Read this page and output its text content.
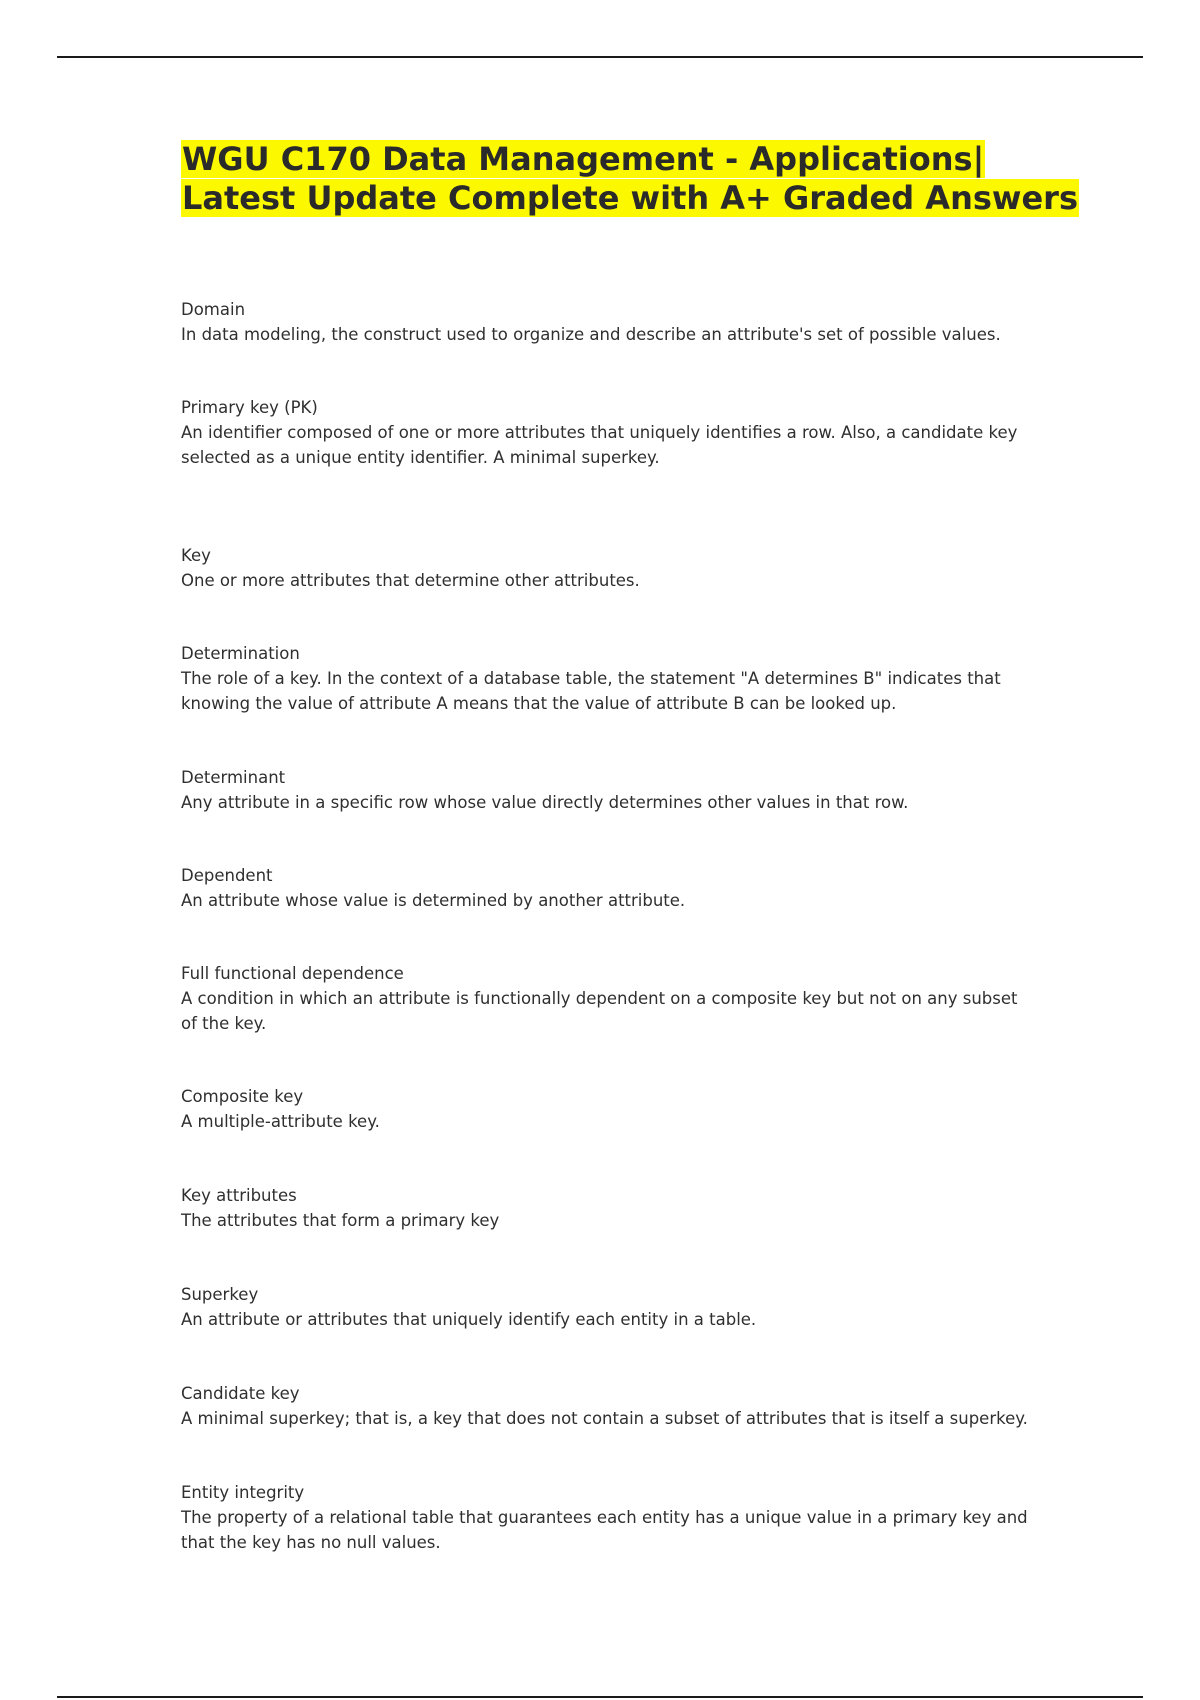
WGU C170 Data Management - Applications| Latest Update Complete with A+ Graded Answers
Domain
In data modeling, the construct used to organize and describe an attribute's set of possible values.
Primary key (PK)
An identifier composed of one or more attributes that uniquely identifies a row. Also, a candidate key selected as a unique entity identifier. A minimal superkey.
Key
One or more attributes that determine other attributes.
Determination
The role of a key. In the context of a database table, the statement "A determines B" indicates that knowing the value of attribute A means that the value of attribute B can be looked up.
Determinant
Any attribute in a specific row whose value directly determines other values in that row.
Dependent
An attribute whose value is determined by another attribute.
Full functional dependence
A condition in which an attribute is functionally dependent on a composite key but not on any subset of the key.
Composite key
A multiple-attribute key.
Key attributes
The attributes that form a primary key
Superkey
An attribute or attributes that uniquely identify each entity in a table.
Candidate key
A minimal superkey; that is, a key that does not contain a subset of attributes that is itself a superkey.
Entity integrity
The property of a relational table that guarantees each entity has a unique value in a primary key and that the key has no null values.
